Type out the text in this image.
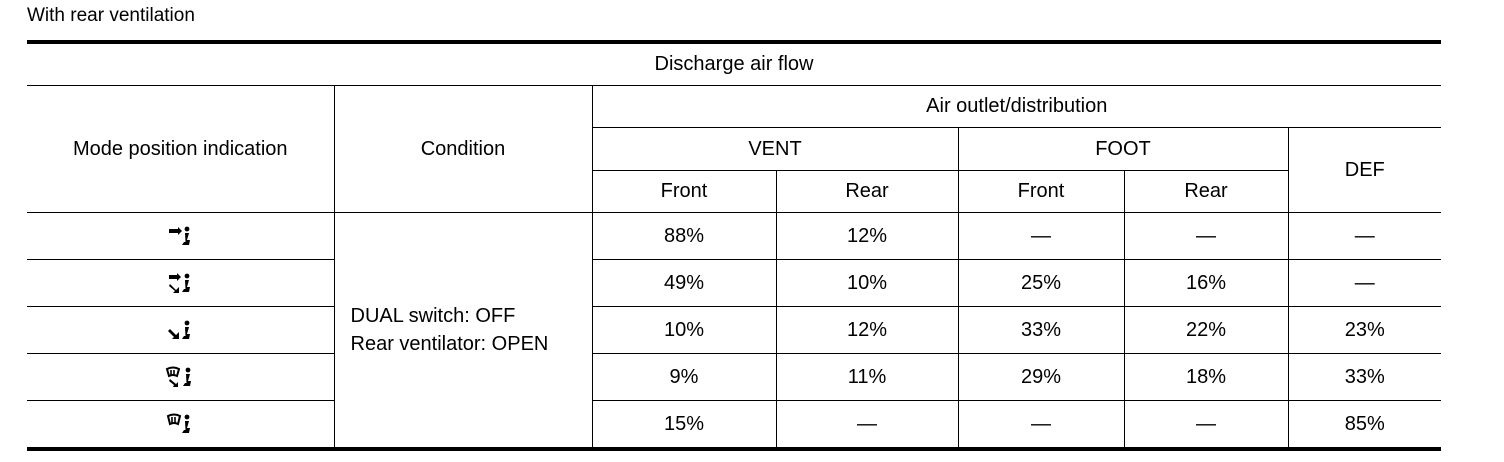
With rear ventilation
Discharge air flow						
Mode position indication	Condition	Air outlet/distribution				
		VENT		FOOT		DEF
		Front	Rear	Front	Rear	

DUAL switch: OFF
Rear ventilator: OPEN	88%	12%	—	—	—

	49%	10%	25%	16%	—

	10%	12%	33%	22%	23%

	9%	11%	29%	18%	33%

	15%	—	—	—	85%
